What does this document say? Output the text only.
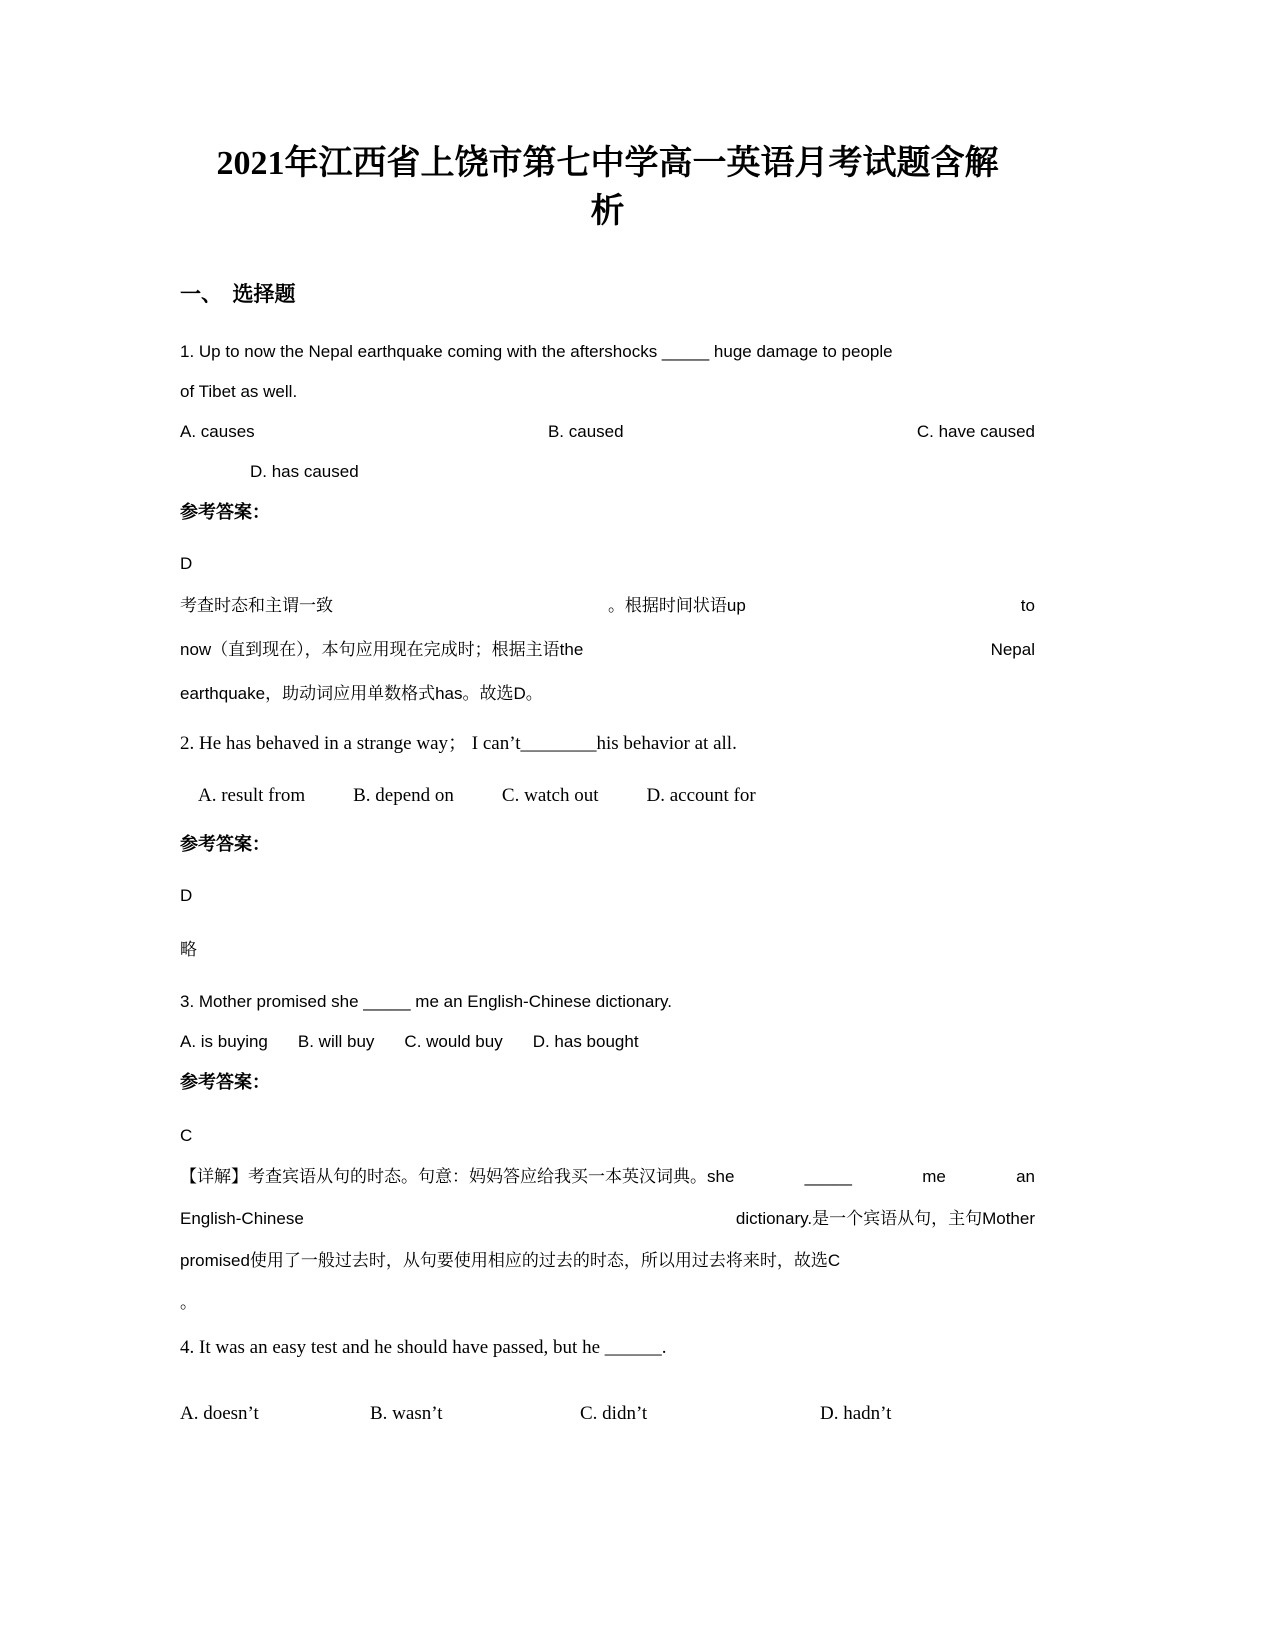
2021年江西省上饶市第七中学高一英语月考试题含解
析
一、　选择题

1. Up to now the Nepal earthquake coming with the aftershocks _____ huge damage to people
of Tibet as well.

A. causes	B. caused	C. have caused
D. has caused

参考答案：

D

考查时态和主谓一致	。根据时间状语up	to
now（直到现在），本句应用现在完成时；根据主语the	Nepal
earthquake，助动词应用单数格式has。故选D。

2. He has behaved in a strange way； I can’t________his behavior at all.

A. result from	B. depend on	C. watch out	D. account for

参考答案：

D

略

3. Mother promised she _____ me an English-Chinese dictionary.

A. is buying B. will buy C. would buy D. has bought

参考答案：

C

【详解】考查宾语从句的时态。句意：妈妈答应给我买一本英汉词典。she	_____	me	an
English-Chinese	dictionary.是一个宾语从句，主句Mother
promised使用了一般过去时，从句要使用相应的过去的时态，所以用过去将来时，故选C
。

4. It was an easy test and he should have passed, but he ______.

A. doesn’t	B. wasn’t	C. didn’t	D. hadn’t
